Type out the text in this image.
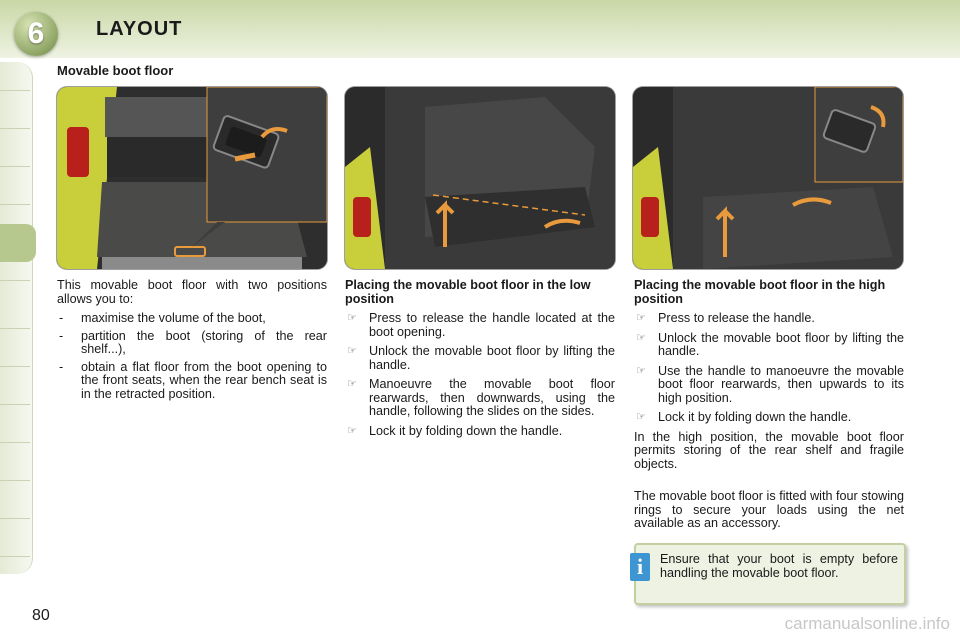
6	LAYOUT
Movable boot floor

This movable boot floor with two positions allows you to:

- maximise the volume of the boot,
- partition the boot (storing of the rear shelf...),
- obtain a flat floor from the boot opening to the front seats, when the rear bench seat is in the retracted position.
Placing the movable boot floor in the low position
☞ Press to release the handle located at the boot opening.
☞ Unlock the movable boot floor by lifting the handle.
☞ Manoeuvre the movable boot floor rearwards, then downwards, using the handle, following the slides on the sides.
☞ Lock it by folding down the handle.
Placing the movable boot floor in the high position
☞ Press to release the handle.
☞ Unlock the movable boot floor by lifting the handle.
☞ Use the handle to manoeuvre the movable boot floor rearwards, then upwards to its high position.
☞ Lock it by folding down the handle.

In the high position, the movable boot floor permits storing of the rear shelf and fragile objects.

The movable boot floor is fitted with four stowing rings to secure your loads using the net available as an accessory.

i	Ensure that your boot is empty before handling the movable boot floor.
80	carmanualsonline.info
